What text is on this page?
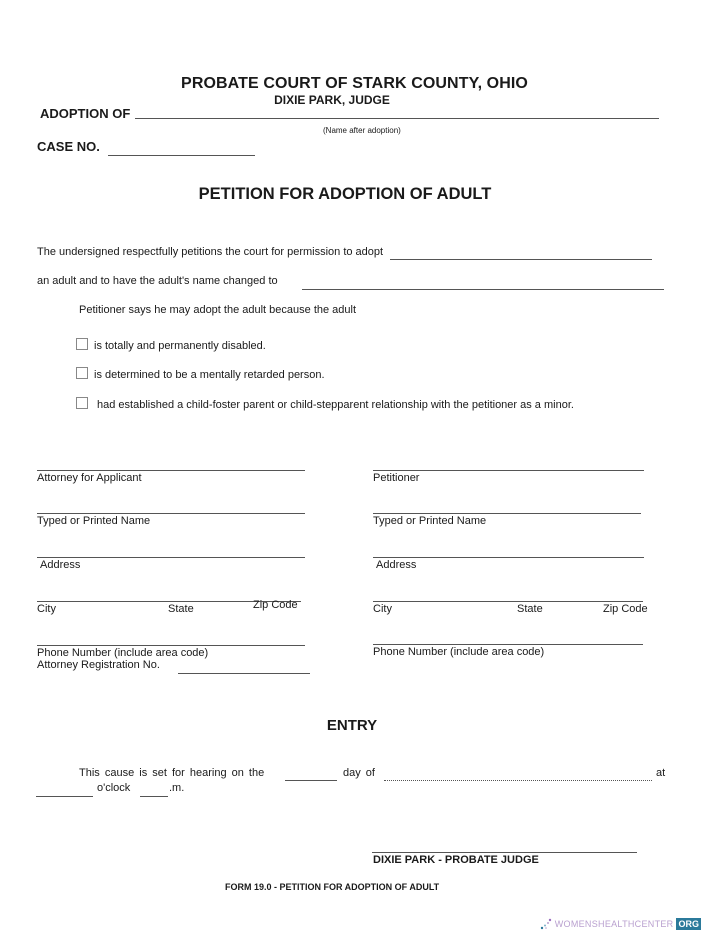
PROBATE COURT OF STARK COUNTY, OHIO
DIXIE PARK, JUDGE
ADOPTION OF
(Name after adoption)
CASE NO.
PETITION FOR ADOPTION OF ADULT
The undersigned respectfully petitions the court for permission to adopt
an adult and to have the adult's name changed to
Petitioner says he may adopt the adult because the adult
is totally and permanently disabled.
is determined to be a mentally retarded person.
had established a child-foster parent or child-stepparent relationship with the petitioner as a minor.
Attorney for Applicant
Typed or Printed Name
Address
City	State	Zip Code
Phone Number (include area code)
Attorney Registration No.
Petitioner
Typed or Printed Name
Address
City	State	Zip Code
Phone Number (include area code)
ENTRY
This cause is set for hearing on the	day of	at
o'clock	.m.
DIXIE PARK - PROBATE JUDGE
FORM 19.0 - PETITION FOR ADOPTION OF ADULT
WOMENSHEALTHCENTER ORG
